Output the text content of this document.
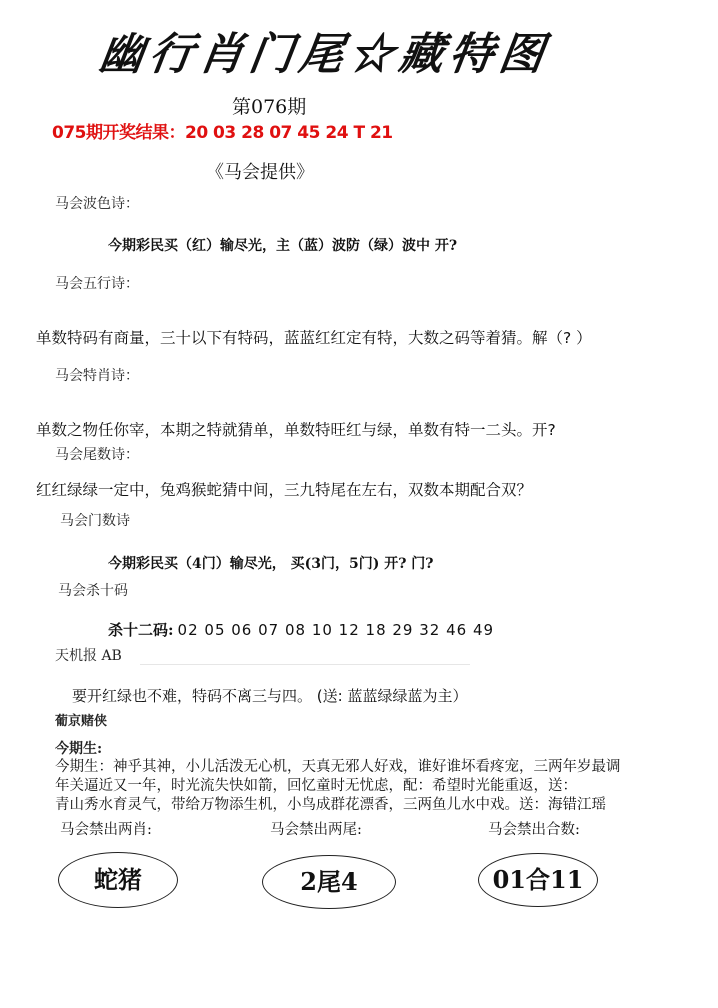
幽行肖门尾☆藏特图
第076期
075期开奖结果：20 03 28 07 45 24 T 21
《马会提供》
马会波色诗：
今期彩民买（红）输尽光，主（蓝）波防（绿）波中 开?
马会五行诗：
单数特码有商量，三十以下有特码，蓝蓝红红定有特，大数之码等着猜。解（? ）
马会特肖诗：
单数之物任你宰，本期之特就猜单，单数特旺红与绿，单数有特一二头。开?
马会尾数诗：
红红绿绿一定中，兔鸡猴蛇猜中间，三九特尾在左右，双数本期配合双？
马会门数诗
今期彩民买（4门）输尽光， 买(3门，5门) 开? 门?
马会杀十码
杀十二码: 02 05 06 07 08 10 12 18 29 32 46 49
天机报 AB
要开红绿也不难，特码不离三与四。 (送: 蓝蓝绿绿蓝为主）
葡京赌侠
今期生:
今期生：神乎其神，小儿活泼无心机，天真无邪人好戏，谁好谁坏看疼宠，三两年岁最调
年关逼近又一年，时光流失快如箭，回忆童时无忧虑，配：希望时光能重返，送：
青山秀水育灵气，带给万物添生机，小鸟成群花漂香，三两鱼儿水中戏。送：海错江瑶
马会禁出两肖:	马会禁出两尾:	马会禁出合数:
蛇猪	2尾4	01合11
